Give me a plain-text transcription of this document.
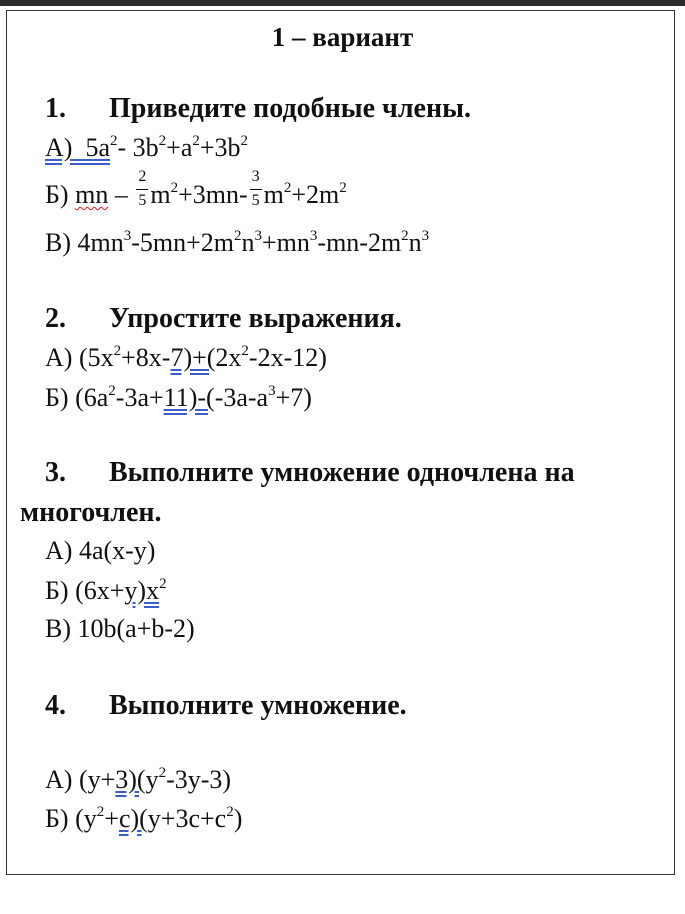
1 – вариант
1. Приведите подобные члены.
А) $5a^2-$ $3b^2+a^2+3b^2$
Б) mn – $\frac{2}{5} m^2+3mn- \frac{3}{5} m^2+2m^2$
В) $4mn^3-5mn+2m^2n^3+mn^3-mn-2m^2n^3$
2. Упростите выражения.
А) $(5x^2+8x-7)+(2x^2-2x-12)$
Б) $(6a^2-3a+11)-(-3a-a^3+7)$
3. Выполните умножение одночлена на
многочлен.
А) 4a(x-y)
Б) $(6x+y)x^2$
В) 10b(a+b-2)
4. Выполните умножение.
А) $(y+3)(y^2-3y-3)$
Б) $(y^2+c)(y+3c+c^2)$
